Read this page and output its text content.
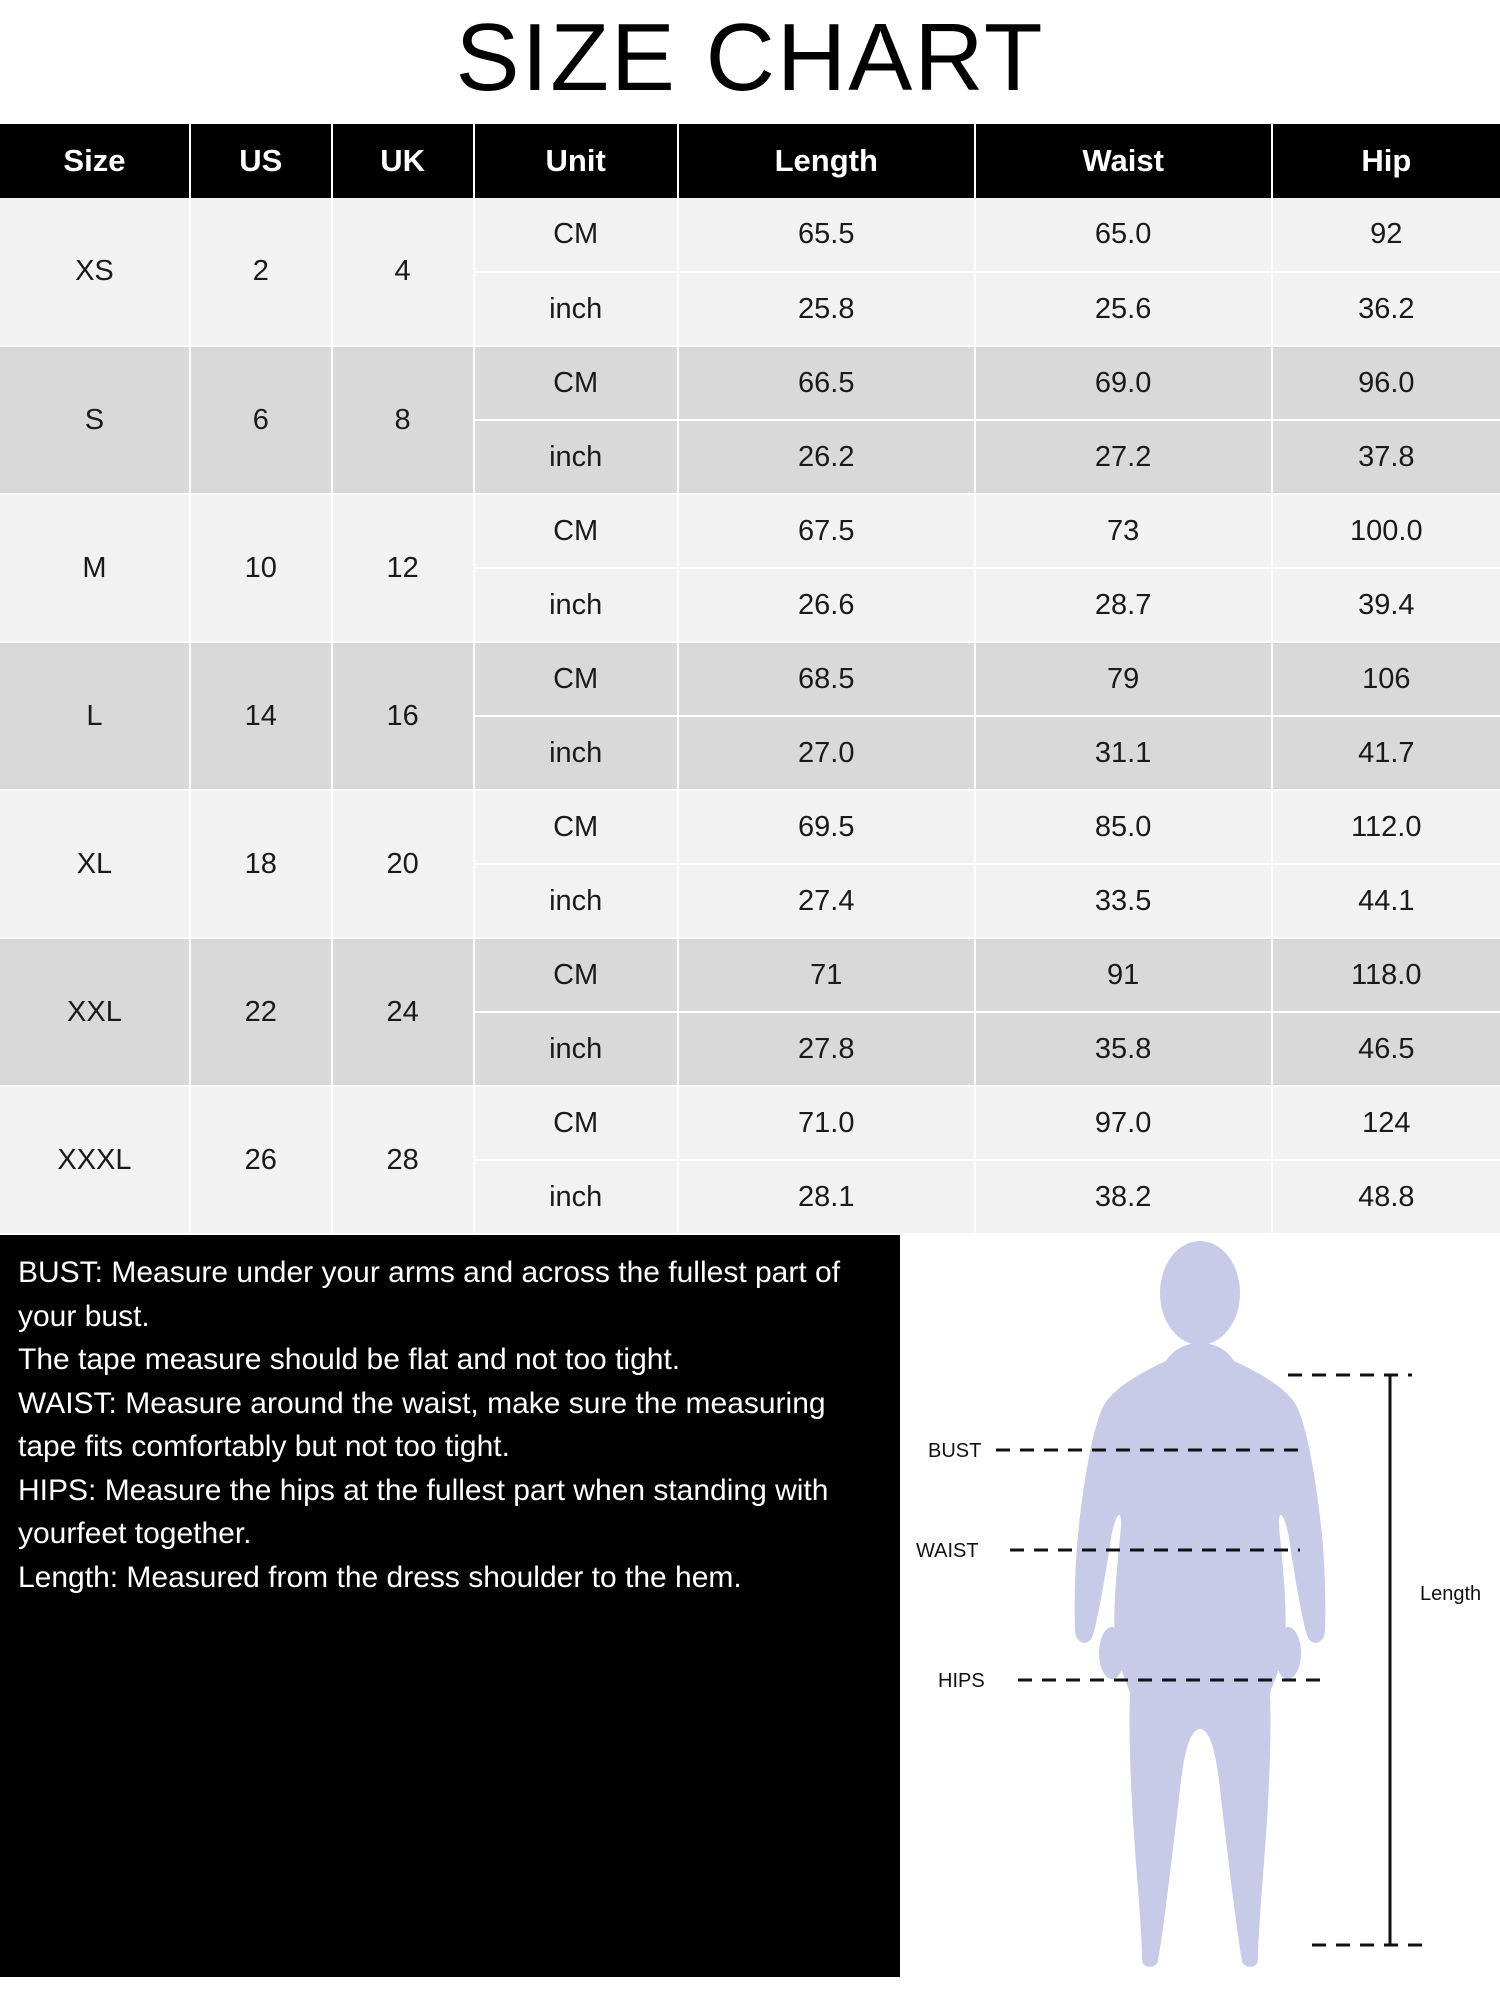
SIZE CHART
Size	US	UK	Unit	Length	Waist	Hip
XS	2	4	CM	65.5	65.0	92
			inch	25.8	25.6	36.2
S	6	8	CM	66.5	69.0	96.0
			inch	26.2	27.2	37.8
M	10	12	CM	67.5	73	100.0
			inch	26.6	28.7	39.4
L	14	16	CM	68.5	79	106
			inch	27.0	31.1	41.7
XL	18	20	CM	69.5	85.0	112.0
			inch	27.4	33.5	44.1
XXL	22	24	CM	71	91	118.0
			inch	27.8	35.8	46.5
XXXL	26	28	CM	71.0	97.0	124
			inch	28.1	38.2	48.8

BUST: Measure under your arms and across the fullest part of your bust.

The tape measure should be flat and not too tight.

WAIST: Measure around the waist, make sure the measuring tape fits comfortably but not too tight.

HIPS: Measure the hips at the fullest part when standing with yourfeet together.

Length: Measured from the dress shoulder to the hem.

BUST
WAIST
HIPS
Length
